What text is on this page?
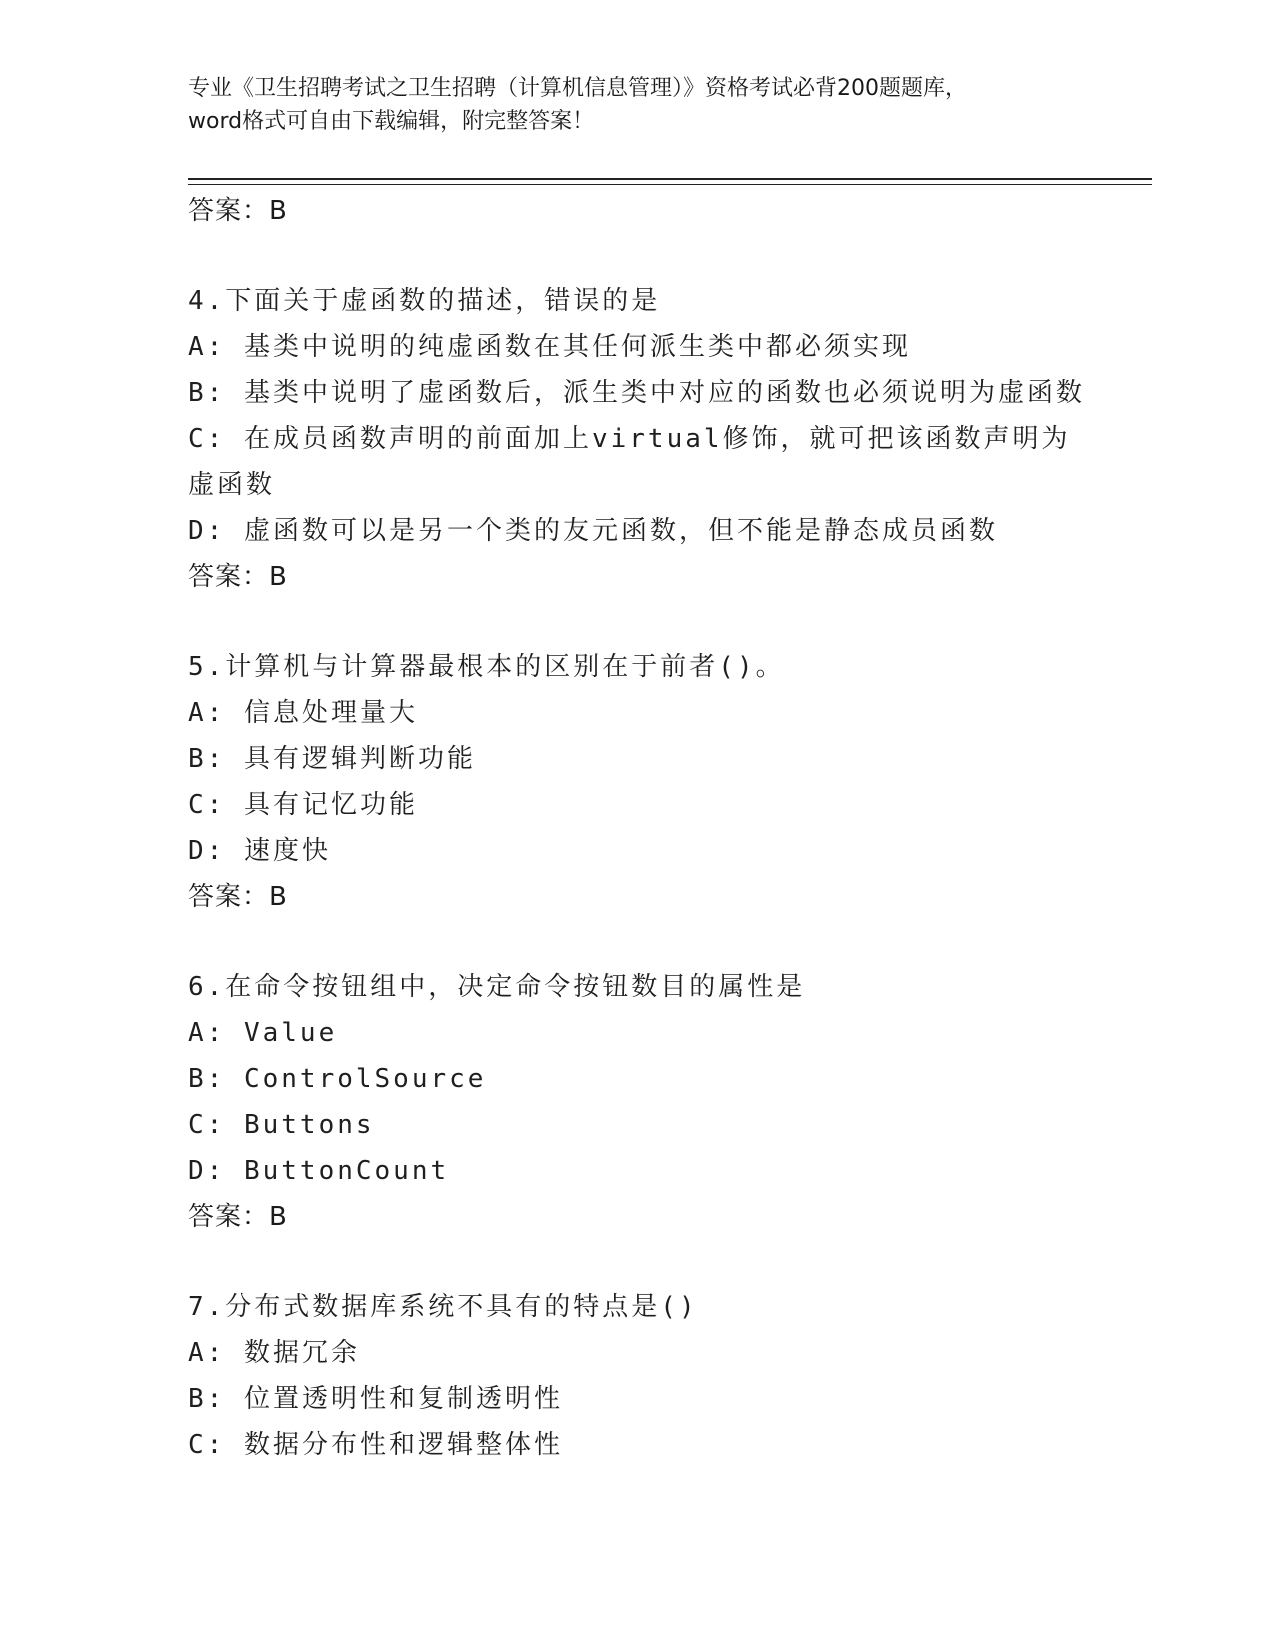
专业《卫生招聘考试之卫生招聘（计算机信息管理）》资格考试必背200题题库，
word格式可自由下载编辑，附完整答案！
答案：B
4.下面关于虚函数的描述，错误的是
A: 基类中说明的纯虚函数在其任何派生类中都必须实现
B: 基类中说明了虚函数后，派生类中对应的函数也必须说明为虚函数
C: 在成员函数声明的前面加上virtual修饰，就可把该函数声明为虚函数
D: 虚函数可以是另一个类的友元函数，但不能是静态成员函数
答案：B
5.计算机与计算器最根本的区别在于前者()。
A: 信息处理量大
B: 具有逻辑判断功能
C: 具有记忆功能
D: 速度快
答案：B
6.在命令按钮组中，决定命令按钮数目的属性是
A: Value
B: ControlSource
C: Buttons
D: ButtonCount
答案：B
7.分布式数据库系统不具有的特点是()
A: 数据冗余
B: 位置透明性和复制透明性
C: 数据分布性和逻辑整体性
